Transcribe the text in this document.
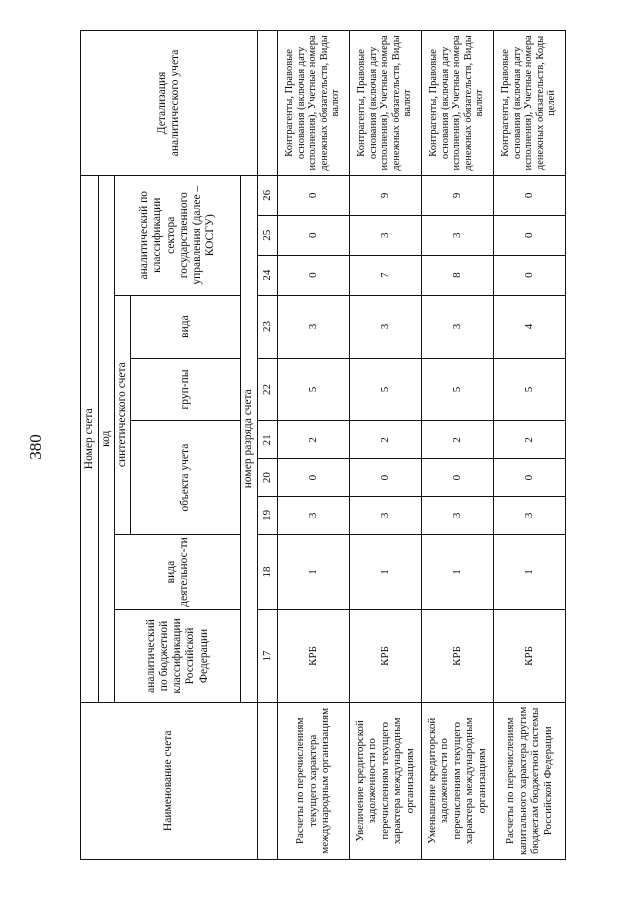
380
Наименование счета	Номер счета										Детализация аналитического учета
	код										
	аналитический по бюджетной классификации Российской Федерации	вида деятельнос-ти	синтетического счета					аналитический по классификации сектора государственного управления (далее – КОСГУ)			
			объекта учета			груп-пы	вида				
	номер разряда счета										
	17	18	19	20	21	22	23	24	25	26	
Расчеты по перечислениям текущего характера международным организациям	КРБ	1	3	0	2	5	3	0	0	0	Контрагенты, Правовые основания (включая дату исполнения), Учетные номера денежных обязательств, Виды валют
Увеличение кредиторской задолженности по перечислениям текущего характера международным организациям	КРБ	1	3	0	2	5	3	7	3	9	Контрагенты, Правовые основания (включая дату исполнения), Учетные номера денежных обязательств, Виды валют
Уменьшение кредиторской задолженности по перечислениям текущего характера международным организациям	КРБ	1	3	0	2	5	3	8	3	9	Контрагенты, Правовые основания (включая дату исполнения), Учетные номера денежных обязательств, Виды валют
Расчеты по перечислениям капитального характера другим бюджетам бюджетной системы Российской Федерации	КРБ	1	3	0	2	5	4	0	0	0	Контрагенты, Правовые основания (включая дату исполнения), Учетные номера денежных обязательств, Коды целей
